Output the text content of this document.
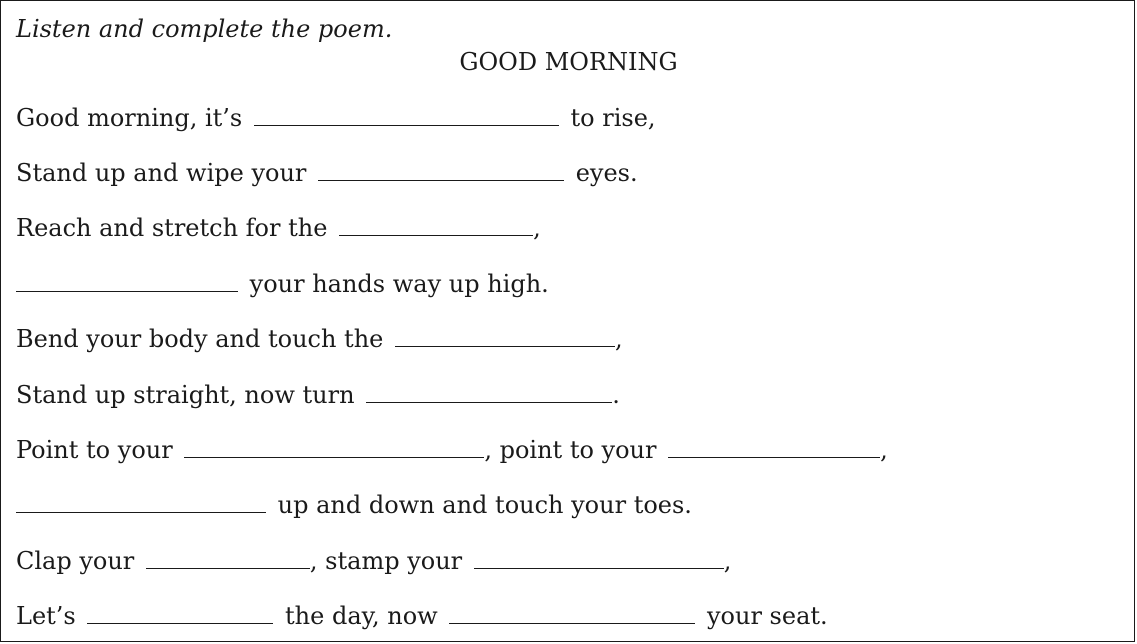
Listen and complete the poem.
GOOD MORNING
Good morning, it’s	to rise,
Stand up and wipe your	eyes.
Reach and stretch for the	,
your hands way up high.
Bend your body and touch the	,
Stand up straight, now turn	.
Point to your	, point to your	,
up and down and touch your toes.
Clap your	, stamp your	,
Let’s	the day, now	your seat.
